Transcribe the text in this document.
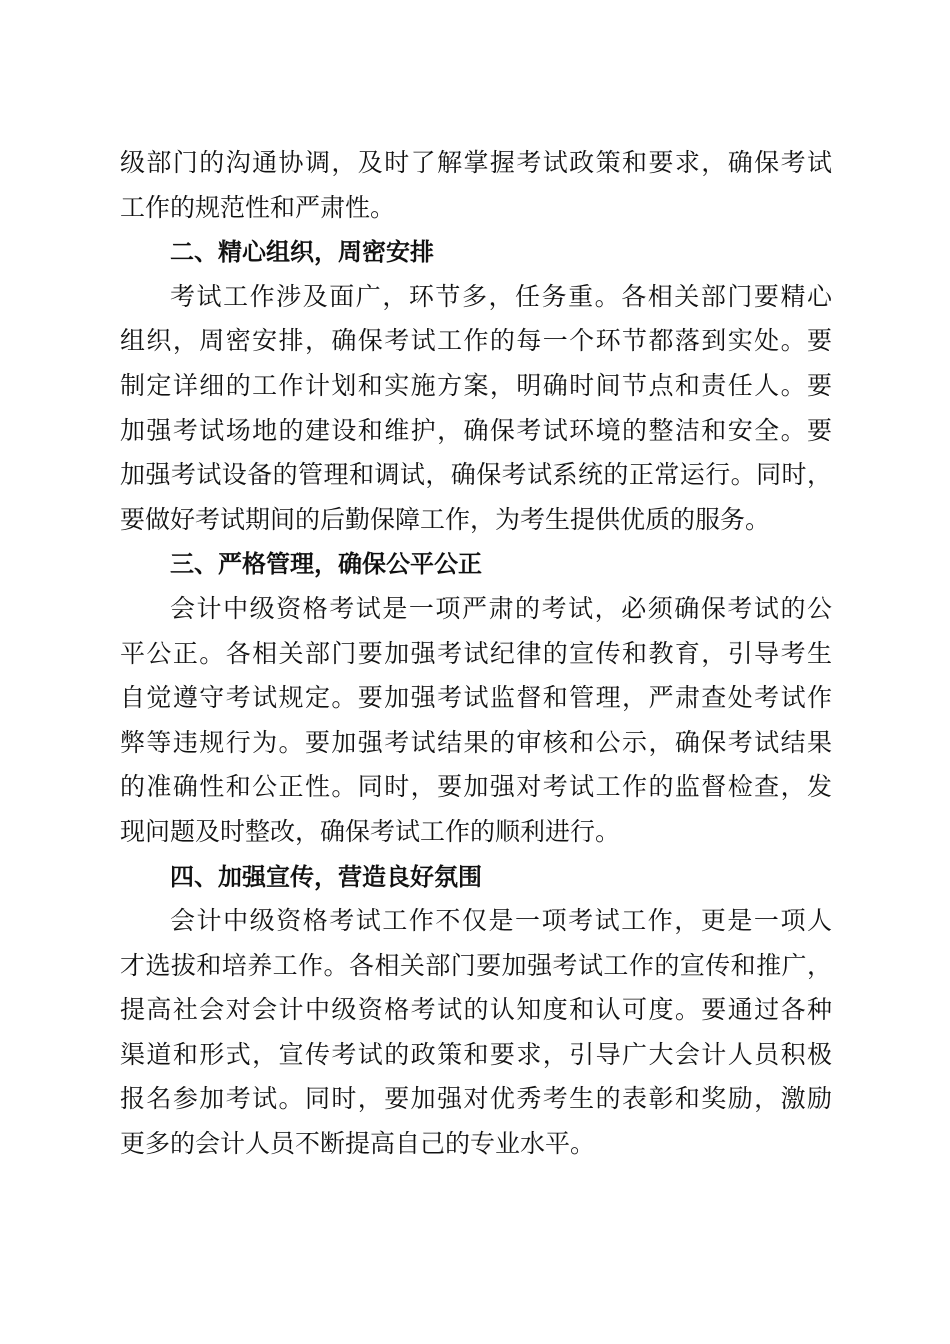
级部门的沟通协调，及时了解掌握考试政策和要求，确保考试
工作的规范性和严肃性。
二、精心组织，周密安排
考试工作涉及面广，环节多，任务重。各相关部门要精心
组织，周密安排，确保考试工作的每一个环节都落到实处。要
制定详细的工作计划和实施方案，明确时间节点和责任人。要
加强考试场地的建设和维护，确保考试环境的整洁和安全。要
加强考试设备的管理和调试，确保考试系统的正常运行。同时，
要做好考试期间的后勤保障工作，为考生提供优质的服务。
三、严格管理，确保公平公正
会计中级资格考试是一项严肃的考试，必须确保考试的公
平公正。各相关部门要加强考试纪律的宣传和教育，引导考生
自觉遵守考试规定。要加强考试监督和管理，严肃查处考试作
弊等违规行为。要加强考试结果的审核和公示，确保考试结果
的准确性和公正性。同时，要加强对考试工作的监督检查，发
现问题及时整改，确保考试工作的顺利进行。
四、加强宣传，营造良好氛围
会计中级资格考试工作不仅是一项考试工作，更是一项人
才选拔和培养工作。各相关部门要加强考试工作的宣传和推广，
提高社会对会计中级资格考试的认知度和认可度。要通过各种
渠道和形式，宣传考试的政策和要求，引导广大会计人员积极
报名参加考试。同时，要加强对优秀考生的表彰和奖励，激励
更多的会计人员不断提高自己的专业水平。
